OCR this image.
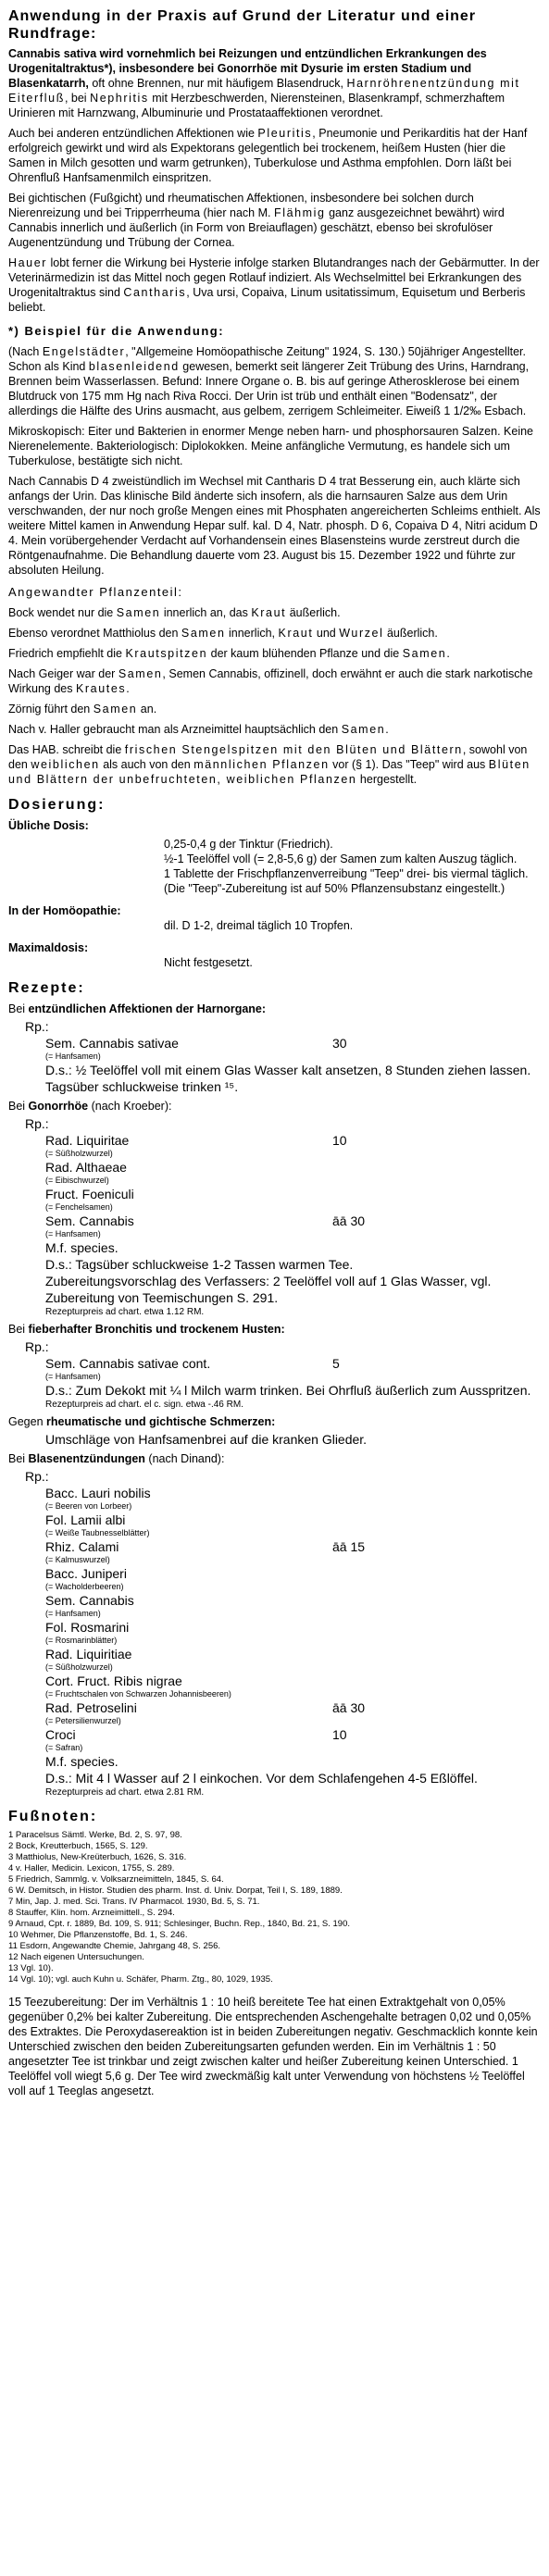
Anwendung in der Praxis auf Grund der Literatur und einer Rundfrage:

Cannabis sativa wird vornehmlich bei Reizungen und entzündlichen Erkrankungen des Urogenitaltraktus*), insbesondere bei Gonorrhöe mit Dysurie im ersten Stadium und Blasenkatarrh, oft ohne Brennen, nur mit häufigem Blasendruck, Harnröhrenentzündung mit Eiterfluß, bei Nephritis mit Herzbeschwerden, Nierensteinen, Blasenkrampf, schmerzhaftem Urinieren mit Harnzwang, Albuminurie und Prostataaffektionen verordnet.

Auch bei anderen entzündlichen Affektionen wie Pleuritis, Pneumonie und Perikarditis hat der Hanf erfolgreich gewirkt und wird als Expektorans gelegentlich bei trockenem, heißem Husten (hier die Samen in Milch gesotten und warm getrunken), Tuberkulose und Asthma empfohlen. Dorn läßt bei Ohrenfluß Hanfsamenmilch einspritzen.

Bei gichtischen (Fußgicht) und rheumatischen Affektionen, insbesondere bei solchen durch Nierenreizung und bei Tripperrheuma (hier nach M. Flähmig ganz ausgezeichnet bewährt) wird Cannabis innerlich und äußerlich (in Form von Breiauflagen) geschätzt, ebenso bei skrofulöser Augenentzündung und Trübung der Cornea.

Hauer lobt ferner die Wirkung bei Hysterie infolge starken Blutandranges nach der Gebärmutter. In der Veterinärmedizin ist das Mittel noch gegen Rotlauf indiziert. Als Wechselmittel bei Erkrankungen des Urogenitaltraktus sind Cantharis, Uva ursi, Copaiva, Linum usitatissimum, Equisetum und Berberis beliebt.

*) Beispiel für die Anwendung:

(Nach Engelstädter, "Allgemeine Homöopathische Zeitung" 1924, S. 130.) 50jähriger Angestellter. Schon als Kind blasenleidend gewesen, bemerkt seit längerer Zeit Trübung des Urins, Harndrang, Brennen beim Wasserlassen. Befund: Innere Organe o. B. bis auf geringe Atherosklerose bei einem Blutdruck von 175 mm Hg nach Riva Rocci. Der Urin ist trüb und enthält einen "Bodensatz", der allerdings die Hälfte des Urins ausmacht, aus gelbem, zerrigem Schleimeiter. Eiweiß 1 1/2‰ Esbach.

Mikroskopisch: Eiter und Bakterien in enormer Menge neben harn- und phosphorsauren Salzen. Keine Nierenelemente. Bakteriologisch: Diplokokken. Meine anfängliche Vermutung, es handele sich um Tuberkulose, bestätigte sich nicht.

Nach Cannabis D 4 zweistündlich im Wechsel mit Cantharis D 4 trat Besserung ein, auch klärte sich anfangs der Urin. Das klinische Bild änderte sich insofern, als die harnsauren Salze aus dem Urin verschwanden, der nur noch große Mengen eines mit Phosphaten angereicherten Schleims enthielt. Als weitere Mittel kamen in Anwendung Hepar sulf. kal. D 4, Natr. phosph. D 6, Copaiva D 4, Nitri acidum D 4. Mein vorübergehender Verdacht auf Vorhandensein eines Blasensteins wurde zerstreut durch die Röntgenaufnahme. Die Behandlung dauerte vom 23. August bis 15. Dezember 1922 und führte zur absoluten Heilung.

Angewandter Pflanzenteil:

Bock wendet nur die Samen innerlich an, das Kraut äußerlich.

Ebenso verordnet Matthiolus den Samen innerlich, Kraut und Wurzel äußerlich.

Friedrich empfiehlt die Krautspitzen der kaum blühenden Pflanze und die Samen.

Nach Geiger war der Samen, Semen Cannabis, offizinell, doch erwähnt er auch die stark narkotische Wirkung des Krautes.

Zörnig führt den Samen an.

Nach v. Haller gebraucht man als Arzneimittel hauptsächlich den Samen.

Das HAB. schreibt die frischen Stengelspitzen mit den Blüten und Blättern, sowohl von den weiblichen als auch von den männlichen Pflanzen vor (§ 1). Das "Teep" wird aus Blüten und Blättern der unbefruchteten, weiblichen Pflanzen hergestellt.

Dosierung:
Übliche Dosis:
0,25-0,4 g der Tinktur (Friedrich).
½-1 Teelöffel voll (= 2,8-5,6 g) der Samen zum kalten Auszug täglich.
1 Tablette der Frischpflanzenverreibung "Teep" drei- bis viermal täglich.
(Die "Teep"-Zubereitung ist auf 50% Pflanzensubstanz eingestellt.)
In der Homöopathie:
dil. D 1-2, dreimal täglich 10 Tropfen.
Maximaldosis:
Nicht festgesetzt.
Rezepte:
Bei entzündlichen Affektionen der Harnorgane:
Rp.:
Sem. Cannabis sativae	30
(= Hanfsamen)
D.s.: ½ Teelöffel voll mit einem Glas Wasser kalt ansetzen, 8 Stunden ziehen lassen. Tagsüber schluckweise trinken ¹⁵.
Bei Gonorrhöe (nach Kroeber):
Rp.:
Rad. Liquiritae	10
(= Süßholzwurzel)
Rad. Althaeae
(= Eibischwurzel)
Fruct. Foeniculi
(= Fenchelsamen)
Sem. Cannabis	āā 30
(= Hanfsamen)
M.f. species.
D.s.: Tagsüber schluckweise 1-2 Tassen warmen Tee.
Zubereitungsvorschlag des Verfassers: 2 Teelöffel voll auf 1 Glas Wasser, vgl. Zubereitung von Teemischungen S. 291.
Rezepturpreis ad chart. etwa 1.12 RM.
Bei fieberhafter Bronchitis und trockenem Husten:
Rp.:
Sem. Cannabis sativae cont.	5
(= Hanfsamen)
D.s.: Zum Dekokt mit ¼ l Milch warm trinken. Bei Ohrfluß äußerlich zum Ausspritzen.
Rezepturpreis ad chart. el c. sign. etwa -.46 RM.
Gegen rheumatische und gichtische Schmerzen:
Umschläge von Hanfsamenbrei auf die kranken Glieder.
Bei Blasenentzündungen (nach Dinand):
Rp.:
Bacc. Lauri nobilis
(= Beeren von Lorbeer)
Fol. Lamii albi
(= Weiße Taubnesselblätter)
Rhiz. Calami	āā 15
(= Kalmuswurzel)
Bacc. Juniperi
(= Wacholderbeeren)
Sem. Cannabis
(= Hanfsamen)
Fol. Rosmarini
(= Rosmarinblätter)
Rad. Liquiritiae
(= Süßholzwurzel)
Cort. Fruct. Ribis nigrae
(= Fruchtschalen von Schwarzen Johannisbeeren)
Rad. Petroselini	āā 30
(= Petersilienwurzel)
Croci	10
(= Safran)
M.f. species.
D.s.: Mit 4 l Wasser auf 2 l einkochen. Vor dem Schlafengehen 4-5 Eßlöffel.
Rezepturpreis ad chart. etwa 2.81 RM.
Fußnoten:
1 Paracelsus Sämtl. Werke, Bd. 2, S. 97, 98.
2 Bock, Kreutterbuch, 1565, S. 129.
3 Matthiolus, New-Kreüterbuch, 1626, S. 316.
4 v. Haller, Medicin. Lexicon, 1755, S. 289.
5 Friedrich, Sammlg. v. Volksarzneimitteln, 1845, S. 64.
6 W. Demitsch, in Histor. Studien des pharm. Inst. d. Univ. Dorpat, Teil I, S. 189, 1889.
7 Min, Jap. J. med. Sci. Trans. IV Pharmacol. 1930, Bd. 5, S. 71.
8 Stauffer, Klin. hom. Arzneimittell., S. 294.
9 Arnaud, Cpt. r. 1889, Bd. 109, S. 911; Schlesinger, Buchn. Rep., 1840, Bd. 21, S. 190.
10 Wehmer, Die Pflanzenstoffe, Bd. 1, S. 246.
11 Esdorn, Angewandte Chemie, Jahrgang 48, S. 256.
12 Nach eigenen Untersuchungen.
13 Vgl. 10).
14 Vgl. 10); vgl. auch Kuhn u. Schäfer, Pharm. Ztg., 80, 1029, 1935.

15 Teezubereitung: Der im Verhältnis 1 : 10 heiß bereitete Tee hat einen Extraktgehalt von 0,05% gegenüber 0,2% bei kalter Zubereitung. Die entsprechenden Aschengehalte betragen 0,02 und 0,05% des Extraktes. Die Peroxydasereaktion ist in beiden Zubereitungen negativ. Geschmacklich konnte kein Unterschied zwischen den beiden Zubereitungsarten gefunden werden. Ein im Verhältnis 1 : 50 angesetzter Tee ist trinkbar und zeigt zwischen kalter und heißer Zubereitung keinen Unterschied. 1 Teelöffel voll wiegt 5,6 g. Der Tee wird zweckmäßig kalt unter Verwendung von höchstens ½ Teelöffel voll auf 1 Teeglas angesetzt.
